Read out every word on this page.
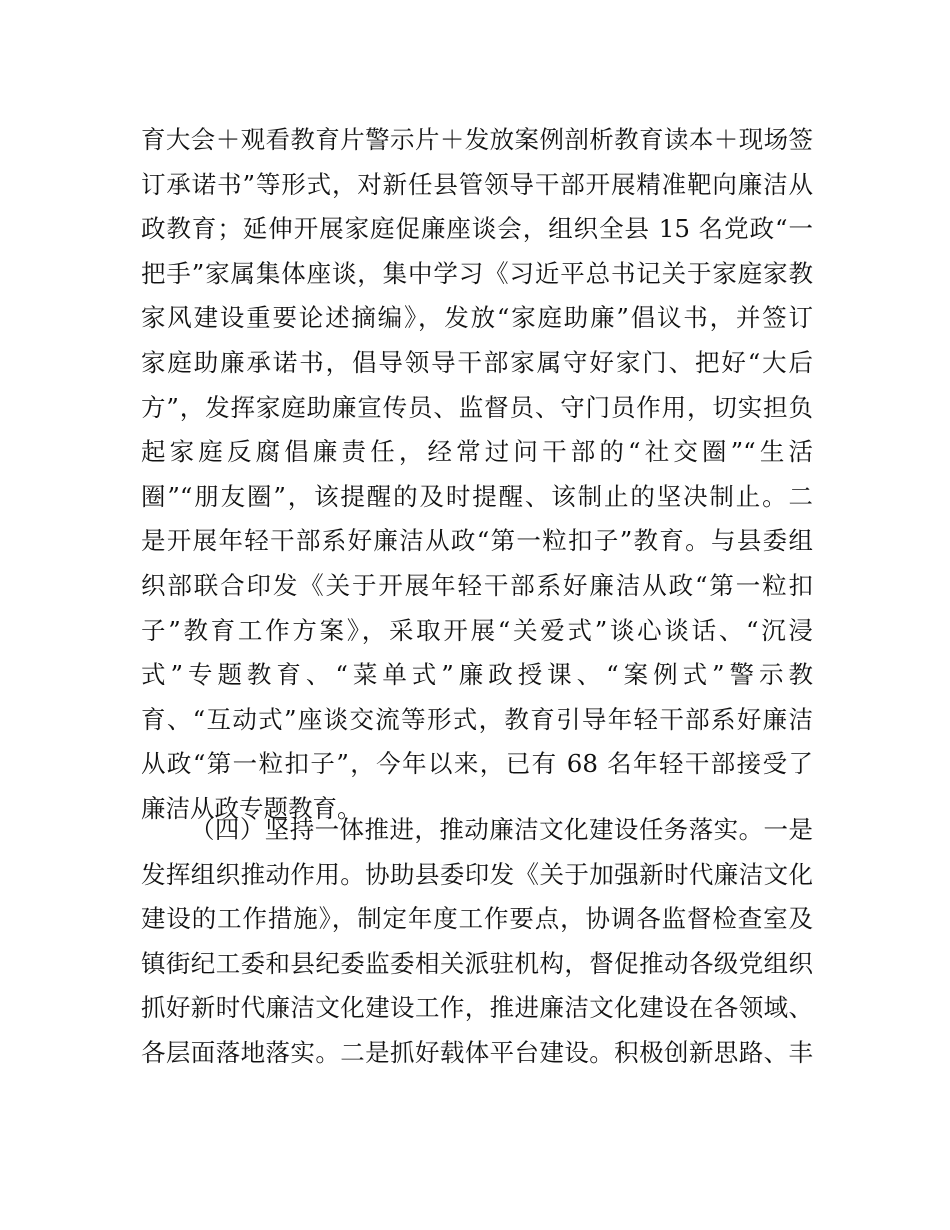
育大会＋观看教育片警示片＋发放案例剖析教育读本＋现场签
订承诺书”等形式，对新任县管领导干部开展精准靶向廉洁从
政教育；延伸开展家庭促廉座谈会，组织全县 15 名党政“一
把手”家属集体座谈，集中学习《习近平总书记关于家庭家教
家风建设重要论述摘编》，发放“家庭助廉”倡议书，并签订
家庭助廉承诺书，倡导领导干部家属守好家门、把好“大后
方”，发挥家庭助廉宣传员、监督员、守门员作用，切实担负
起家庭反腐倡廉责任，经常过问干部的“社交圈”“生活
圈”“朋友圈”，该提醒的及时提醒、该制止的坚决制止。二
是开展年轻干部系好廉洁从政“第一粒扣子”教育。与县委组
织部联合印发《关于开展年轻干部系好廉洁从政“第一粒扣
子”教育工作方案》，采取开展“关爱式”谈心谈话、“沉浸
式”专题教育、“菜单式”廉政授课、“案例式”警示教
育、“互动式”座谈交流等形式，教育引导年轻干部系好廉洁
从政“第一粒扣子”，今年以来，已有 68 名年轻干部接受了
廉洁从政专题教育。
（四）坚持一体推进，推动廉洁文化建设任务落实。一是
发挥组织推动作用。协助县委印发《关于加强新时代廉洁文化
建设的工作措施》，制定年度工作要点，协调各监督检查室及
镇街纪工委和县纪委监委相关派驻机构，督促推动各级党组织
抓好新时代廉洁文化建设工作，推进廉洁文化建设在各领域、
各层面落地落实。二是抓好载体平台建设。积极创新思路、丰
